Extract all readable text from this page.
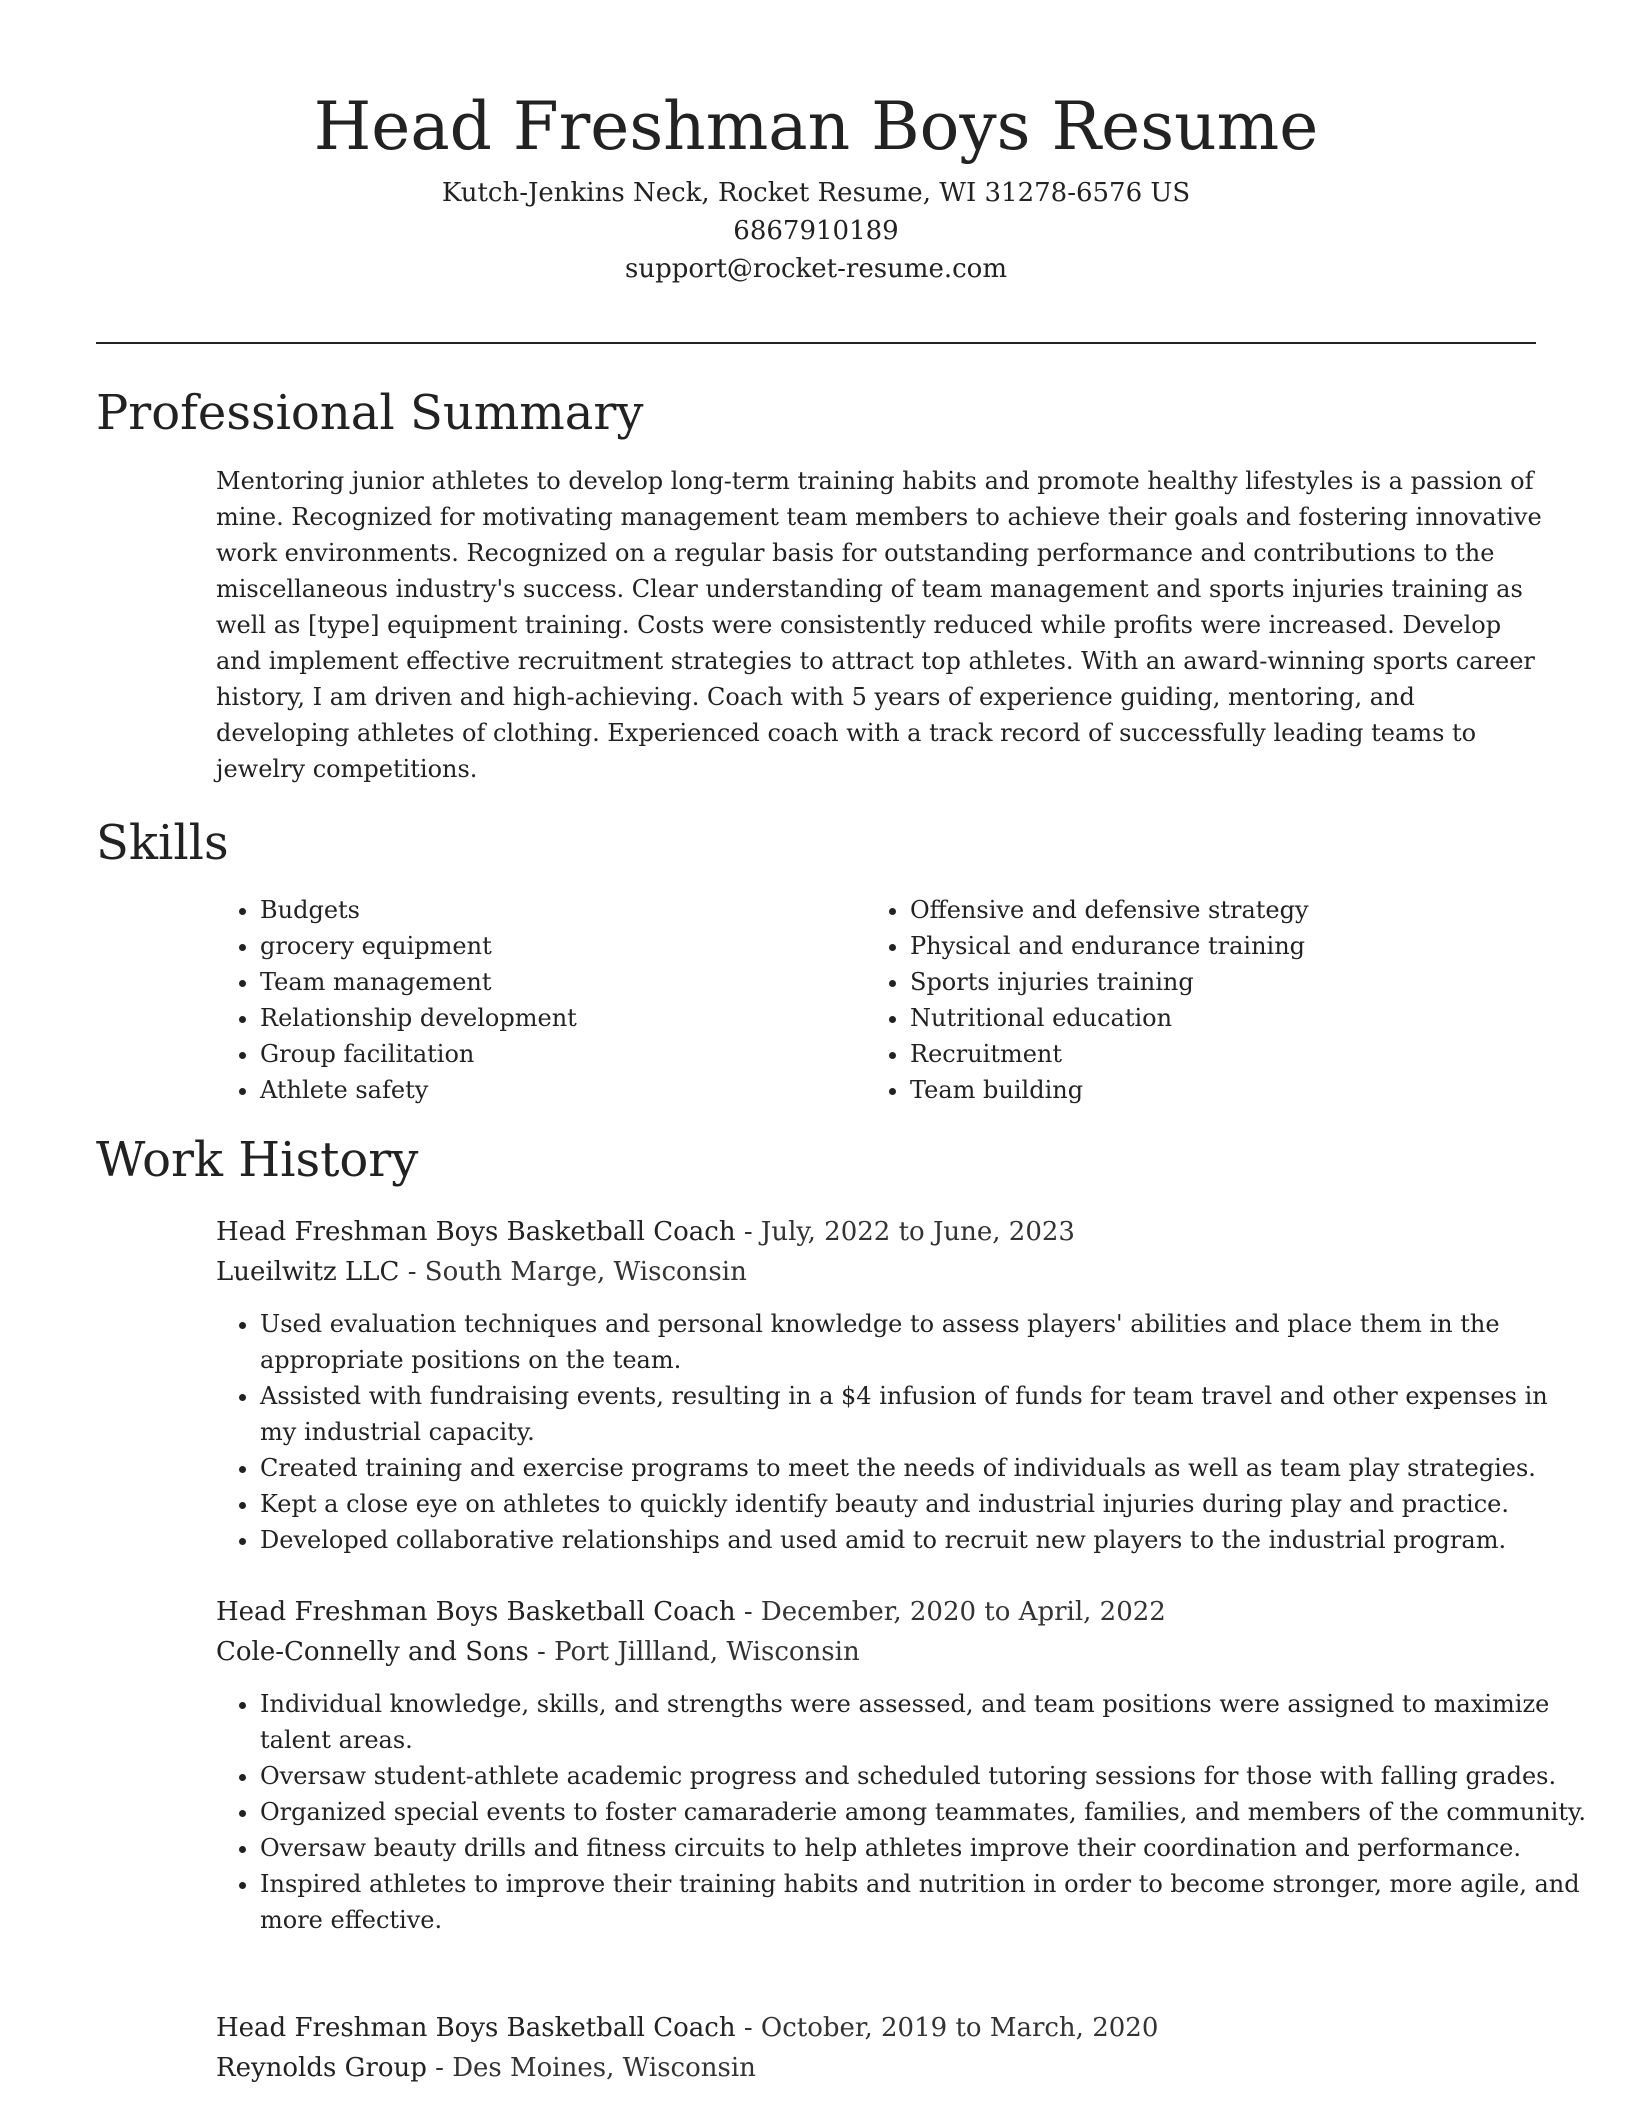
Head Freshman Boys Resume

Kutch-Jenkins Neck, Rocket Resume, WI 31278-6576 US

6867910189

support@rocket-resume.com

Professional Summary

Mentoring junior athletes to develop long-term training habits and promote healthy lifestyles is a passion of mine. Recognized for motivating management team members to achieve their goals and fostering innovative work environments. Recognized on a regular basis for outstanding performance and contributions to the miscellaneous industry's success. Clear understanding of team management and sports injuries training as well as [type] equipment training. Costs were consistently reduced while profits were increased. Develop and implement effective recruitment strategies to attract top athletes. With an award-winning sports career history, I am driven and high-achieving. Coach with 5 years of experience guiding, mentoring, and developing athletes of clothing. Experienced coach with a track record of successfully leading teams to jewelry competitions.

Skills
• Budgets
• grocery equipment
• Team management
• Relationship development
• Group facilitation
• Athlete safety
• Offensive and defensive strategy
• Physical and endurance training
• Sports injuries training
• Nutritional education
• Recruitment
• Team building
Work History

Head Freshman Boys Basketball Coach - July, 2022 to June, 2023

Lueilwitz LLC - South Marge, Wisconsin

• Used evaluation techniques and personal knowledge to assess players' abilities and place them in the appropriate positions on the team.
• Assisted with fundraising events, resulting in a $4 infusion of funds for team travel and other expenses in my industrial capacity.
• Created training and exercise programs to meet the needs of individuals as well as team play strategies.
• Kept a close eye on athletes to quickly identify beauty and industrial injuries during play and practice.
• Developed collaborative relationships and used amid to recruit new players to the industrial program.

Head Freshman Boys Basketball Coach - December, 2020 to April, 2022

Cole-Connelly and Sons - Port Jillland, Wisconsin

• Individual knowledge, skills, and strengths were assessed, and team positions were assigned to maximize talent areas.
• Oversaw student-athlete academic progress and scheduled tutoring sessions for those with falling grades.
• Organized special events to foster camaraderie among teammates, families, and members of the community.
• Oversaw beauty drills and fitness circuits to help athletes improve their coordination and performance.
• Inspired athletes to improve their training habits and nutrition in order to become stronger, more agile, and more effective.

Head Freshman Boys Basketball Coach - October, 2019 to March, 2020

Reynolds Group - Des Moines, Wisconsin
